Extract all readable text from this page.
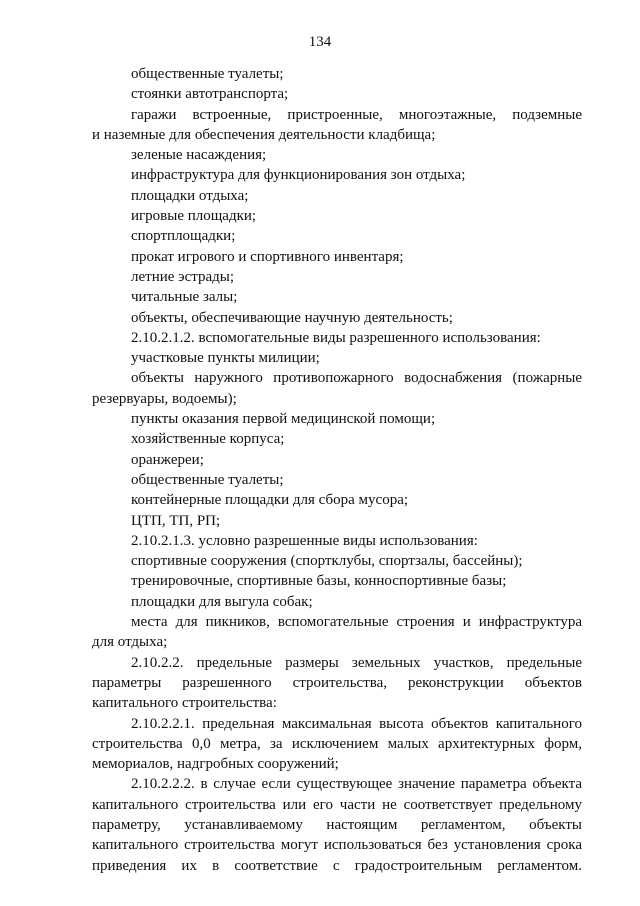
134
общественные туалеты;
стоянки автотранспорта;
гаражи встроенные, пристроенные, многоэтажные, подземные
и наземные для обеспечения деятельности кладбища;
зеленые насаждения;
инфраструктура для функционирования зон отдыха;
площадки отдыха;
игровые площадки;
спортплощадки;
прокат игрового и спортивного инвентаря;
летние эстрады;
читальные залы;
объекты, обеспечивающие научную деятельность;
2.10.2.1.2. вспомогательные виды разрешенного использования:
участковые пункты милиции;
объекты наружного противопожарного водоснабжения (пожарные
резервуары, водоемы);
пункты оказания первой медицинской помощи;
хозяйственные корпуса;
оранжереи;
общественные туалеты;
контейнерные площадки для сбора мусора;
ЦТП, ТП, РП;
2.10.2.1.3. условно разрешенные виды использования:
спортивные сооружения (спортклубы, спортзалы, бассейны);
тренировочные, спортивные базы, конноспортивные базы;
площадки для выгула собак;
места для пикников, вспомогательные строения и инфраструктура
для отдыха;
2.10.2.2. предельные размеры земельных участков, предельные
параметры разрешенного строительства, реконструкции объектов
капитального строительства:
2.10.2.2.1. предельная максимальная высота объектов капитального
строительства 0,0 метра, за исключением малых архитектурных форм,
мемориалов, надгробных сооружений;
2.10.2.2.2. в случае если существующее значение параметра объекта
капитального строительства или его части не соответствует предельному
параметру, устанавливаемому настоящим регламентом, объекты
капитального строительства могут использоваться без установления срока
приведения их в соответствие с градостроительным регламентом.
